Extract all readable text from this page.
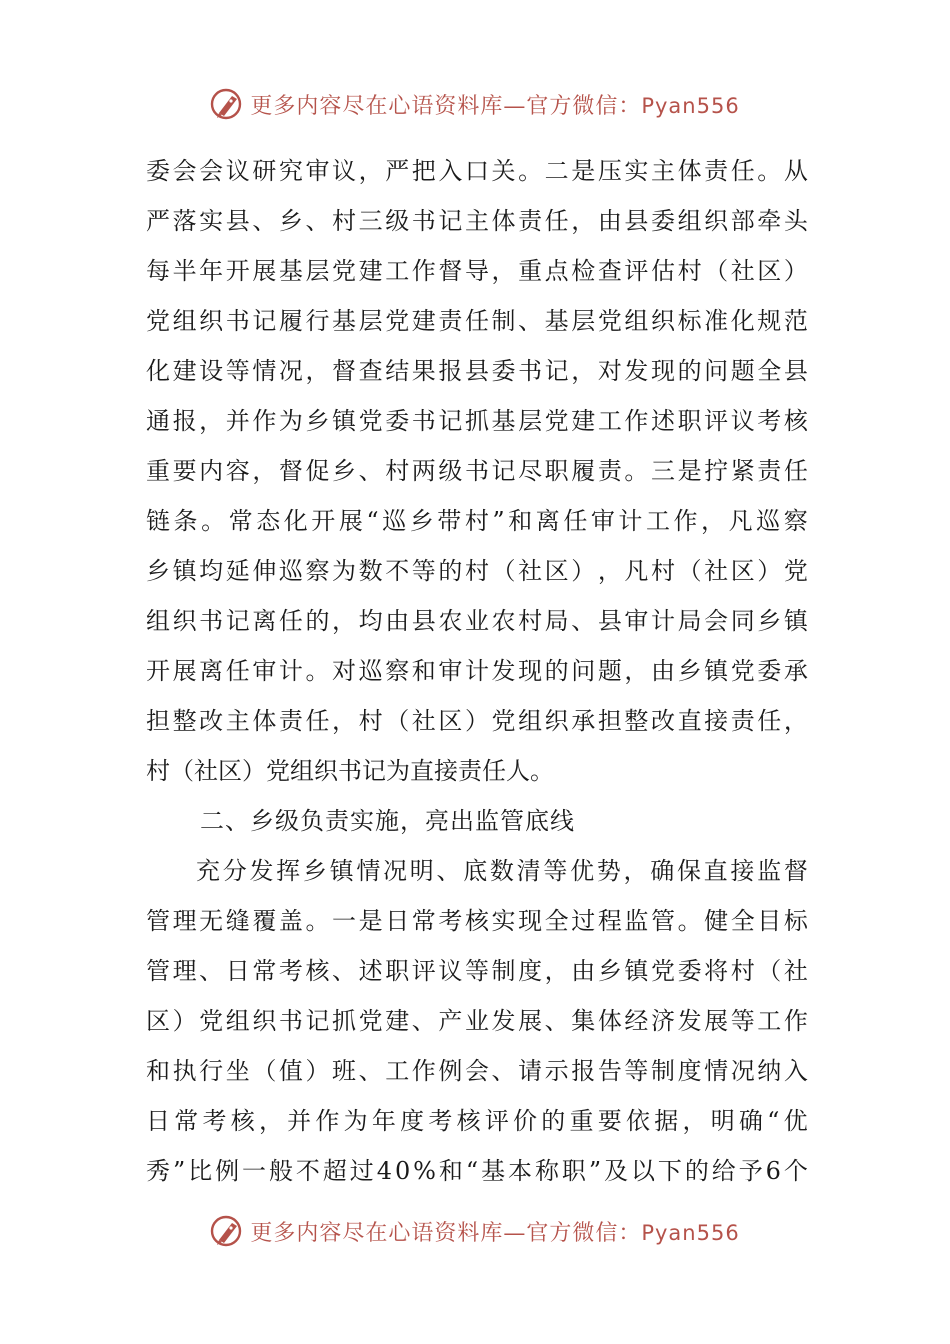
更多内容尽在心语资料库—官方微信：Pyan556
委 会 会 议 研 究 审 议 ， 严 把 入 口 关 。 二 是 压 实 主 体 责 任 。 从
严 落 实 县 、 乡 、 村 三 级 书 记 主 体 责 任 ， 由 县 委 组 织 部 牵 头
每 半 年 开 展 基 层 党 建 工 作 督 导 ， 重 点 检 查 评 估 村 （ 社 区 ）
党 组 织 书 记 履 行 基 层 党 建 责 任 制 、 基 层 党 组 织 标 准 化 规 范
化 建 设 等 情 况 ， 督 查 结 果 报 县 委 书 记 ， 对 发 现 的 问 题 全 县
通 报 ， 并 作 为 乡 镇 党 委 书 记 抓 基 层 党 建 工 作 述 职 评 议 考 核
重 要 内 容 ， 督 促 乡 、 村 两 级 书 记 尽 职 履 责 。 三 是 拧 紧 责 任
链 条 。 常 态 化 开 展 “ 巡 乡 带 村 ” 和 离 任 审 计 工 作 ， 凡 巡 察
乡 镇 均 延 伸 巡 察 为 数 不 等 的 村 （ 社 区 ） ， 凡 村 （ 社 区 ） 党
组 织 书 记 离 任 的 ， 均 由 县 农 业 农 村 局 、 县 审 计 局 会 同 乡 镇
开 展 离 任 审 计 。 对 巡 察 和 审 计 发 现 的 问 题 ， 由 乡 镇 党 委 承
担 整 改 主 体 责 任 ， 村 （ 社 区 ） 党 组 织 承 担 整 改 直 接 责 任 ，
村（社区）党组织书记为直接责任人。
二、乡级负责实施，亮出监管底线
充 分 发 挥 乡 镇 情 况 明 、 底 数 清 等 优 势 ， 确 保 直 接 监 督
管 理 无 缝 覆 盖 。 一 是 日 常 考 核 实 现 全 过 程 监 管 。 健 全 目 标
管 理 、 日 常 考 核 、 述 职 评 议 等 制 度 ， 由 乡 镇 党 委 将 村 （ 社
区 ） 党 组 织 书 记 抓 党 建 、 产 业 发 展 、 集 体 经 济 发 展 等 工 作
和 执 行 坐 （ 值 ） 班 、 工 作 例 会 、 请 示 报 告 等 制 度 情 况 纳 入
日 常 考 核 ， 并 作 为 年 度 考 核 评 价 的 重 要 依 据 ， 明 确 “ 优
秀 ” 比 例 一 般 不 超 过 4 0 % 和 “ 基 本 称 职 ” 及 以 下 的 给 予 6 个
更多内容尽在心语资料库—官方微信：Pyan556
